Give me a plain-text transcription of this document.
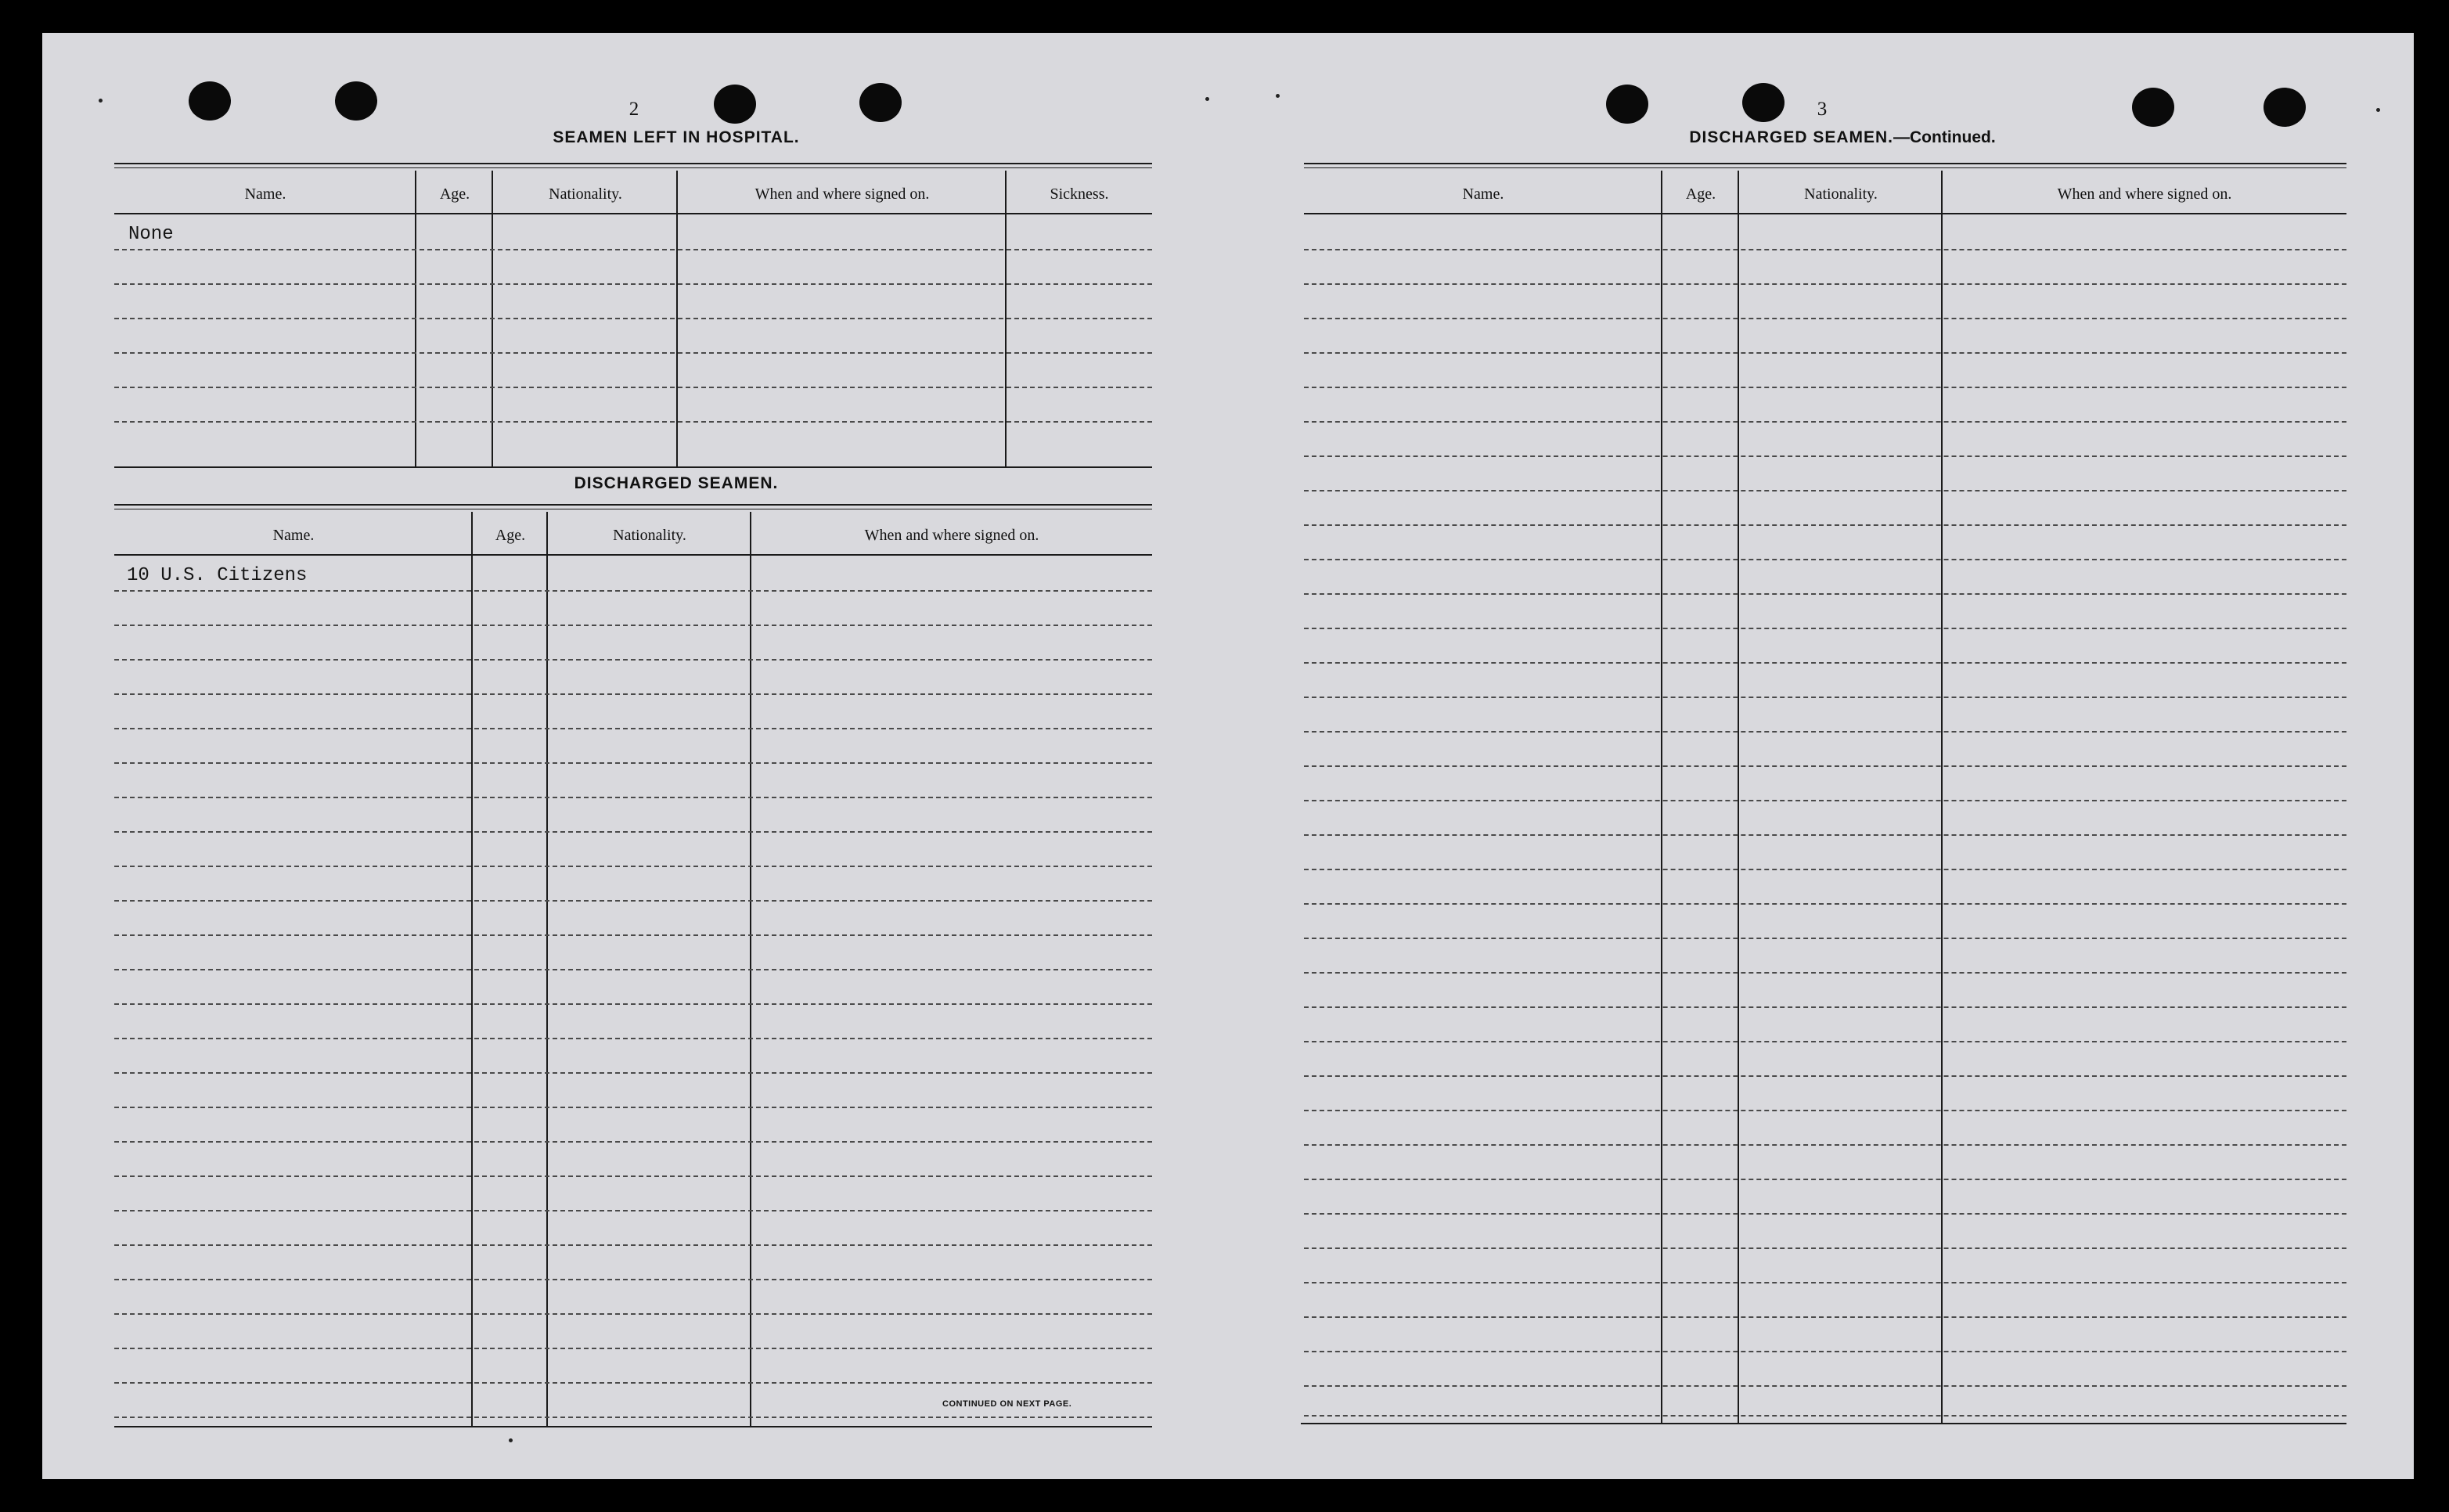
2
SEAMEN LEFT IN HOSPITAL.
Name.	Age.	Nationality.	When and where signed on.	Sickness.
None
DISCHARGED SEAMEN.
Name.	Age.	Nationality.	When and where signed on.
10 U.S. Citizens
CONTINUED ON NEXT PAGE.
3
DISCHARGED SEAMEN.—Continued.
Name.	Age.	Nationality.	When and where signed on.
